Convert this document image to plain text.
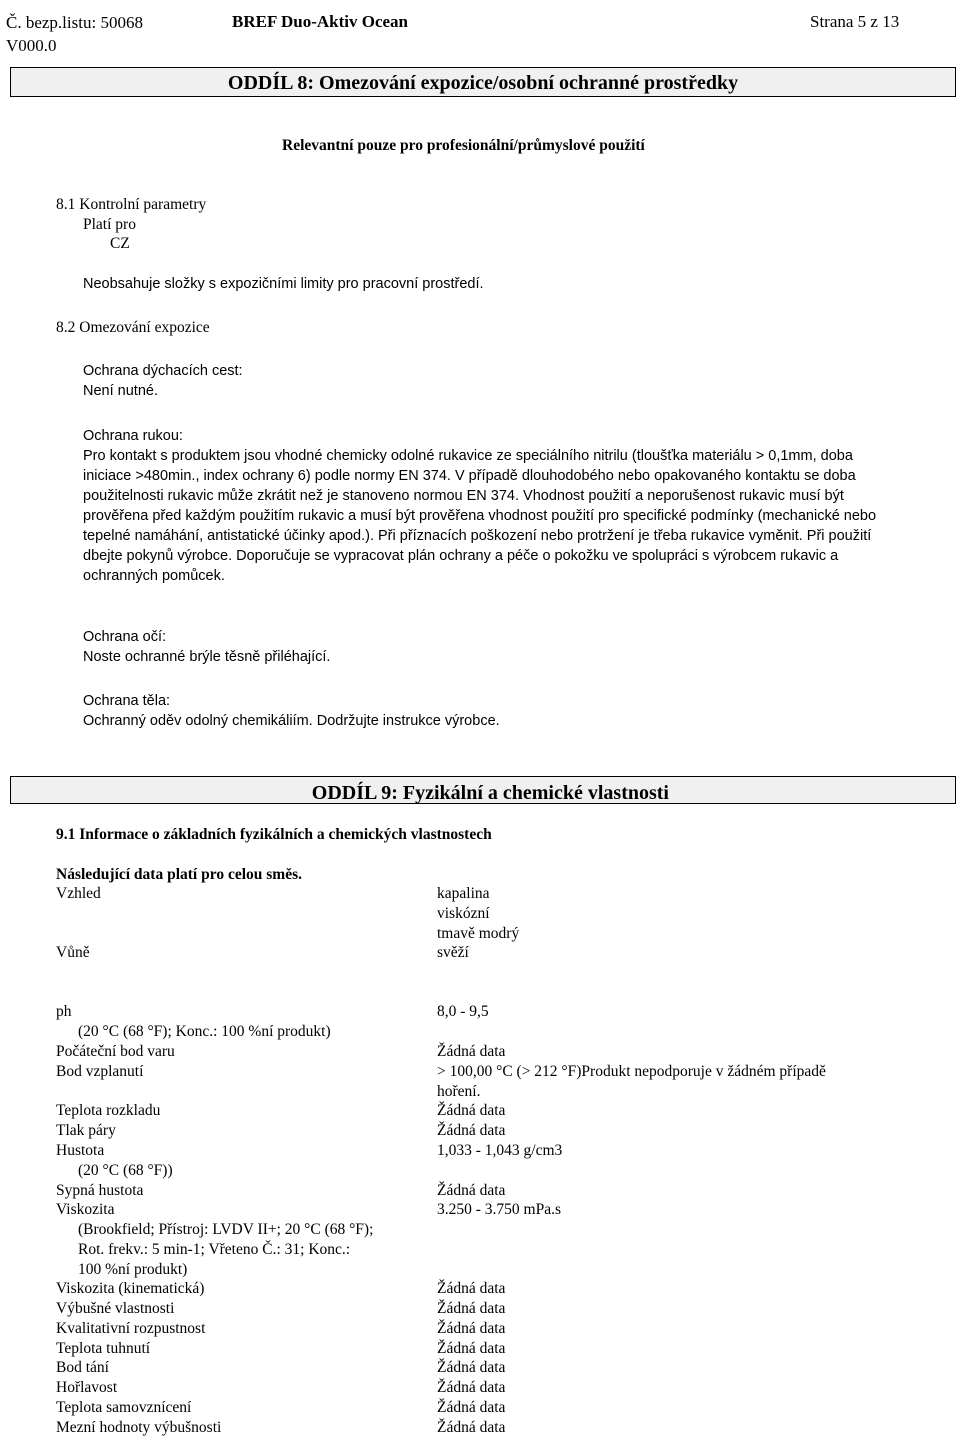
Č. bezp.listu: 50068	BREF Duo-Aktiv Ocean	Strana 5 z 13
V000.0
ODDÍL 8: Omezování expozice/osobní ochranné prostředky
Relevantní pouze pro profesionální/průmyslové použití
8.1 Kontrolní parametry
Platí pro
CZ
Neobsahuje složky s expozičními limity pro pracovní prostředí.
8.2 Omezování expozice
Ochrana dýchacích cest:
Není nutné.
Ochrana rukou:
Pro kontakt s produktem jsou vhodné chemicky odolné rukavice ze speciálního nitrilu (tloušťka materiálu > 0,1mm, doba
iniciace >480min., index ochrany 6) podle normy EN 374. V případě dlouhodobého nebo opakovaného kontaktu se doba
použitelnosti rukavic může zkrátit než je stanoveno normou EN 374. Vhodnost použití a neporušenost rukavic musí být
prověřena před každým použitím rukavic a musí být prověřena vhodnost použití pro specifické podmínky (mechanické nebo
tepelné namáhání, antistatické účinky apod.). Při příznacích poškození nebo protržení je třeba rukavice vyměnit. Při použití
dbejte pokynů výrobce. Doporučuje se vypracovat plán ochrany a péče o pokožku ve spolupráci s výrobcem rukavic a
ochranných pomůcek.
Ochrana očí:
Noste ochranné brýle těsně přiléhající.
Ochrana těla:
Ochranný oděv odolný chemikáliím. Dodržujte instrukce výrobce.
ODDÍL 9: Fyzikální a chemické vlastnosti
9.1 Informace o základních fyzikálních a chemických vlastnostech
Následující data platí pro celou směs.
Vzhled	kapalina
viskózní
tmavě modrý
Vůně	svěží
ph	8,0 - 9,5
(20 °C (68 °F); Konc.: 100 %ní produkt)
Počáteční bod varu	Žádná data
Bod vzplanutí	> 100,00 °C (> 212 °F)Produkt nepodporuje v žádném případě
hoření.
Teplota rozkladu	Žádná data
Tlak páry	Žádná data
Hustota	1,033 - 1,043 g/cm3
(20 °C (68 °F))
Sypná hustota	Žádná data
Viskozita	3.250 - 3.750 mPa.s
(Brookfield; Přístroj: LVDV II+; 20 °C (68 °F);
Rot. frekv.: 5 min-1; Vřeteno Č.: 31; Konc.:
100 %ní produkt)
Viskozita (kinematická)	Žádná data
Výbušné vlastnosti	Žádná data
Kvalitativní rozpustnost	Žádná data
Teplota tuhnutí	Žádná data
Bod tání	Žádná data
Hořlavost	Žádná data
Teplota samovznícení	Žádná data
Mezní hodnoty výbušnosti	Žádná data
